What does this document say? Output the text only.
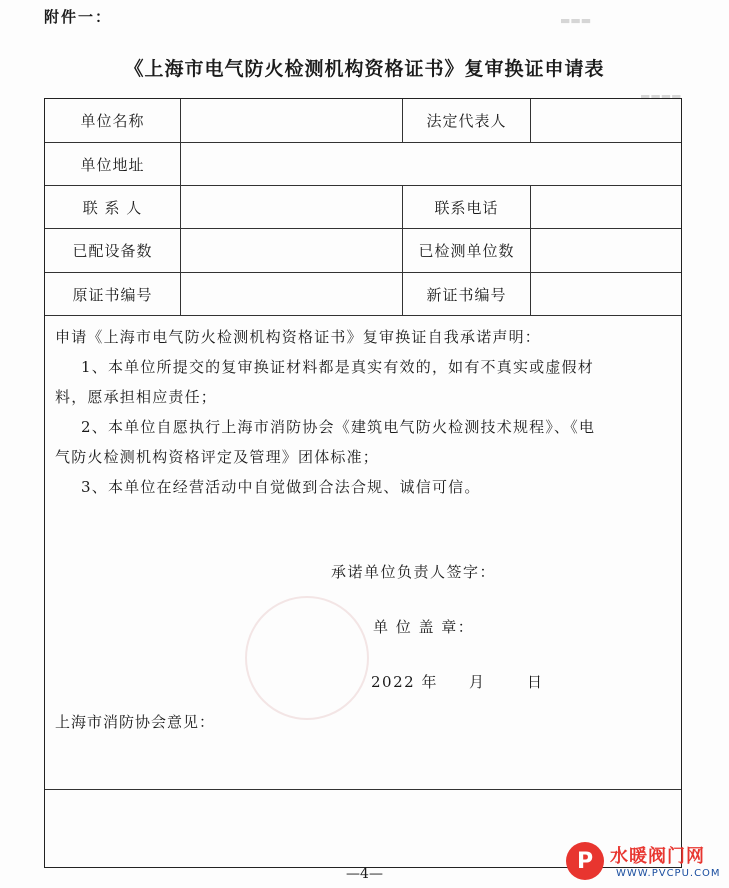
附件一：	▬▬▬
▬▬▬▬
《上海市电气防火检测机构资格证书》复审换证申请表
单位名称	法定代表人
单位地址
联 系 人	联系电话
已配设备数	已检测单位数
原证书编号	新证书编号
申请《上海市电气防火检测机构资格证书》复审换证自我承诺声明：
1、本单位所提交的复审换证材料都是真实有效的，如有不真实或虚假材
料，愿承担相应责任；
2、本单位自愿执行上海市消防协会《建筑电气防火检测技术规程》、《电
气防火检测机构资格评定及管理》团体标准；
3、本单位在经营活动中自觉做到合法合规、诚信可信。
承诺单位负责人签字：
单 位 盖 章：
2022 年 月	日
上海市消防协会意见：
—4—
P 水暖阀门网
WWW.PVCPU.COM
